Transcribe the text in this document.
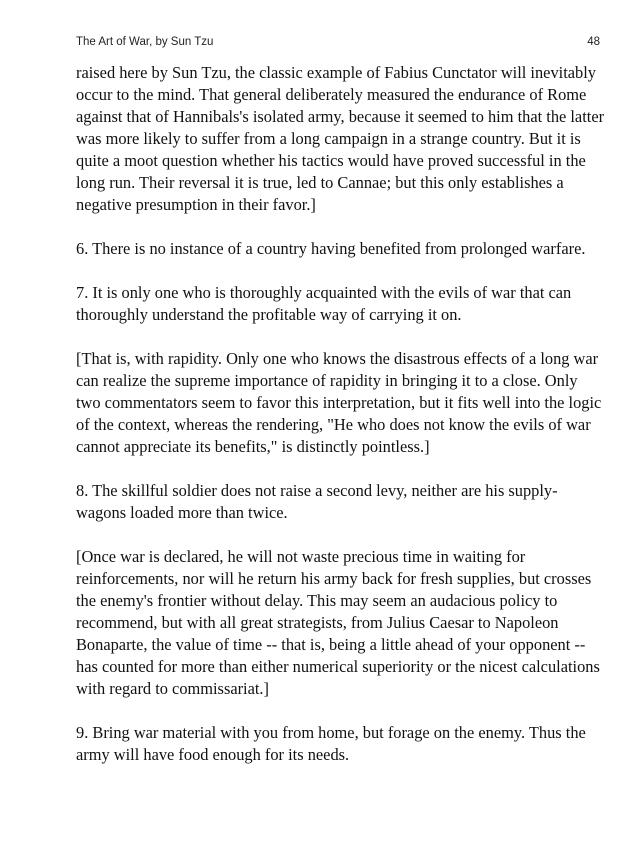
The Art of War, by Sun Tzu	48

raised here by Sun Tzu, the classic example of Fabius Cunctator will inevitably occur to the mind. That general deliberately measured the endurance of Rome against that of Hannibals's isolated army, because it seemed to him that the latter was more likely to suffer from a long campaign in a strange country. But it is quite a moot question whether his tactics would have proved successful in the long run. Their reversal it is true, led to Cannae; but this only establishes a negative presumption in their favor.]

6. There is no instance of a country having benefited from prolonged warfare.

7. It is only one who is thoroughly acquainted with the evils of war that can thoroughly understand the profitable way of carrying it on.

[That is, with rapidity. Only one who knows the disastrous effects of a long war can realize the supreme importance of rapidity in bringing it to a close. Only two commentators seem to favor this interpretation, but it fits well into the logic of the context, whereas the rendering, "He who does not know the evils of war cannot appreciate its benefits," is distinctly pointless.]

8. The skillful soldier does not raise a second levy, neither are his supply-wagons loaded more than twice.

[Once war is declared, he will not waste precious time in waiting for reinforcements, nor will he return his army back for fresh supplies, but crosses the enemy's frontier without delay. This may seem an audacious policy to recommend, but with all great strategists, from Julius Caesar to Napoleon Bonaparte, the value of time -- that is, being a little ahead of your opponent -- has counted for more than either numerical superiority or the nicest calculations with regard to commissariat.]

9. Bring war material with you from home, but forage on the enemy. Thus the army will have food enough for its needs.
